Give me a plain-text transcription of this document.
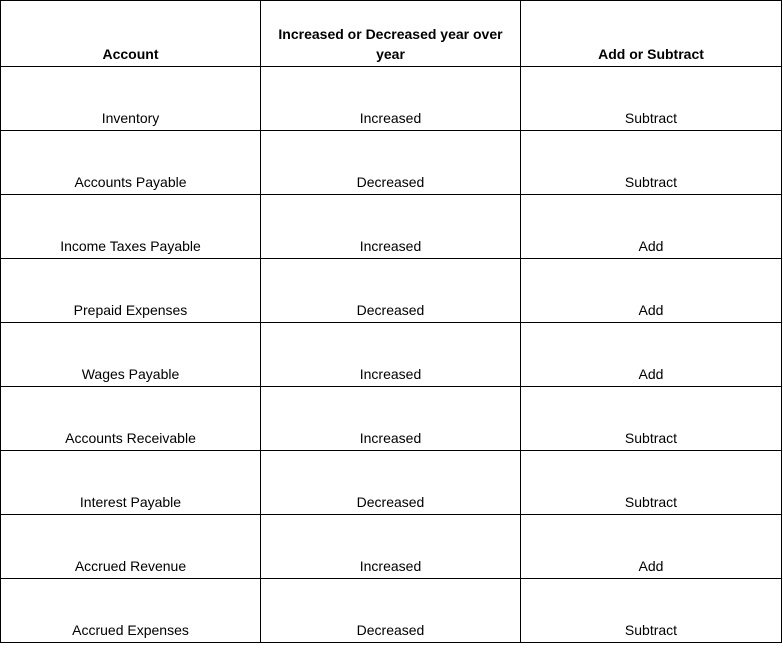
Account	Increased or Decreased year over year	Add or Subtract
Inventory	Increased	Subtract
Accounts Payable	Decreased	Subtract
Income Taxes Payable	Increased	Add
Prepaid Expenses	Decreased	Add
Wages Payable	Increased	Add
Accounts Receivable	Increased	Subtract
Interest Payable	Decreased	Subtract
Accrued Revenue	Increased	Add
Accrued Expenses	Decreased	Subtract
